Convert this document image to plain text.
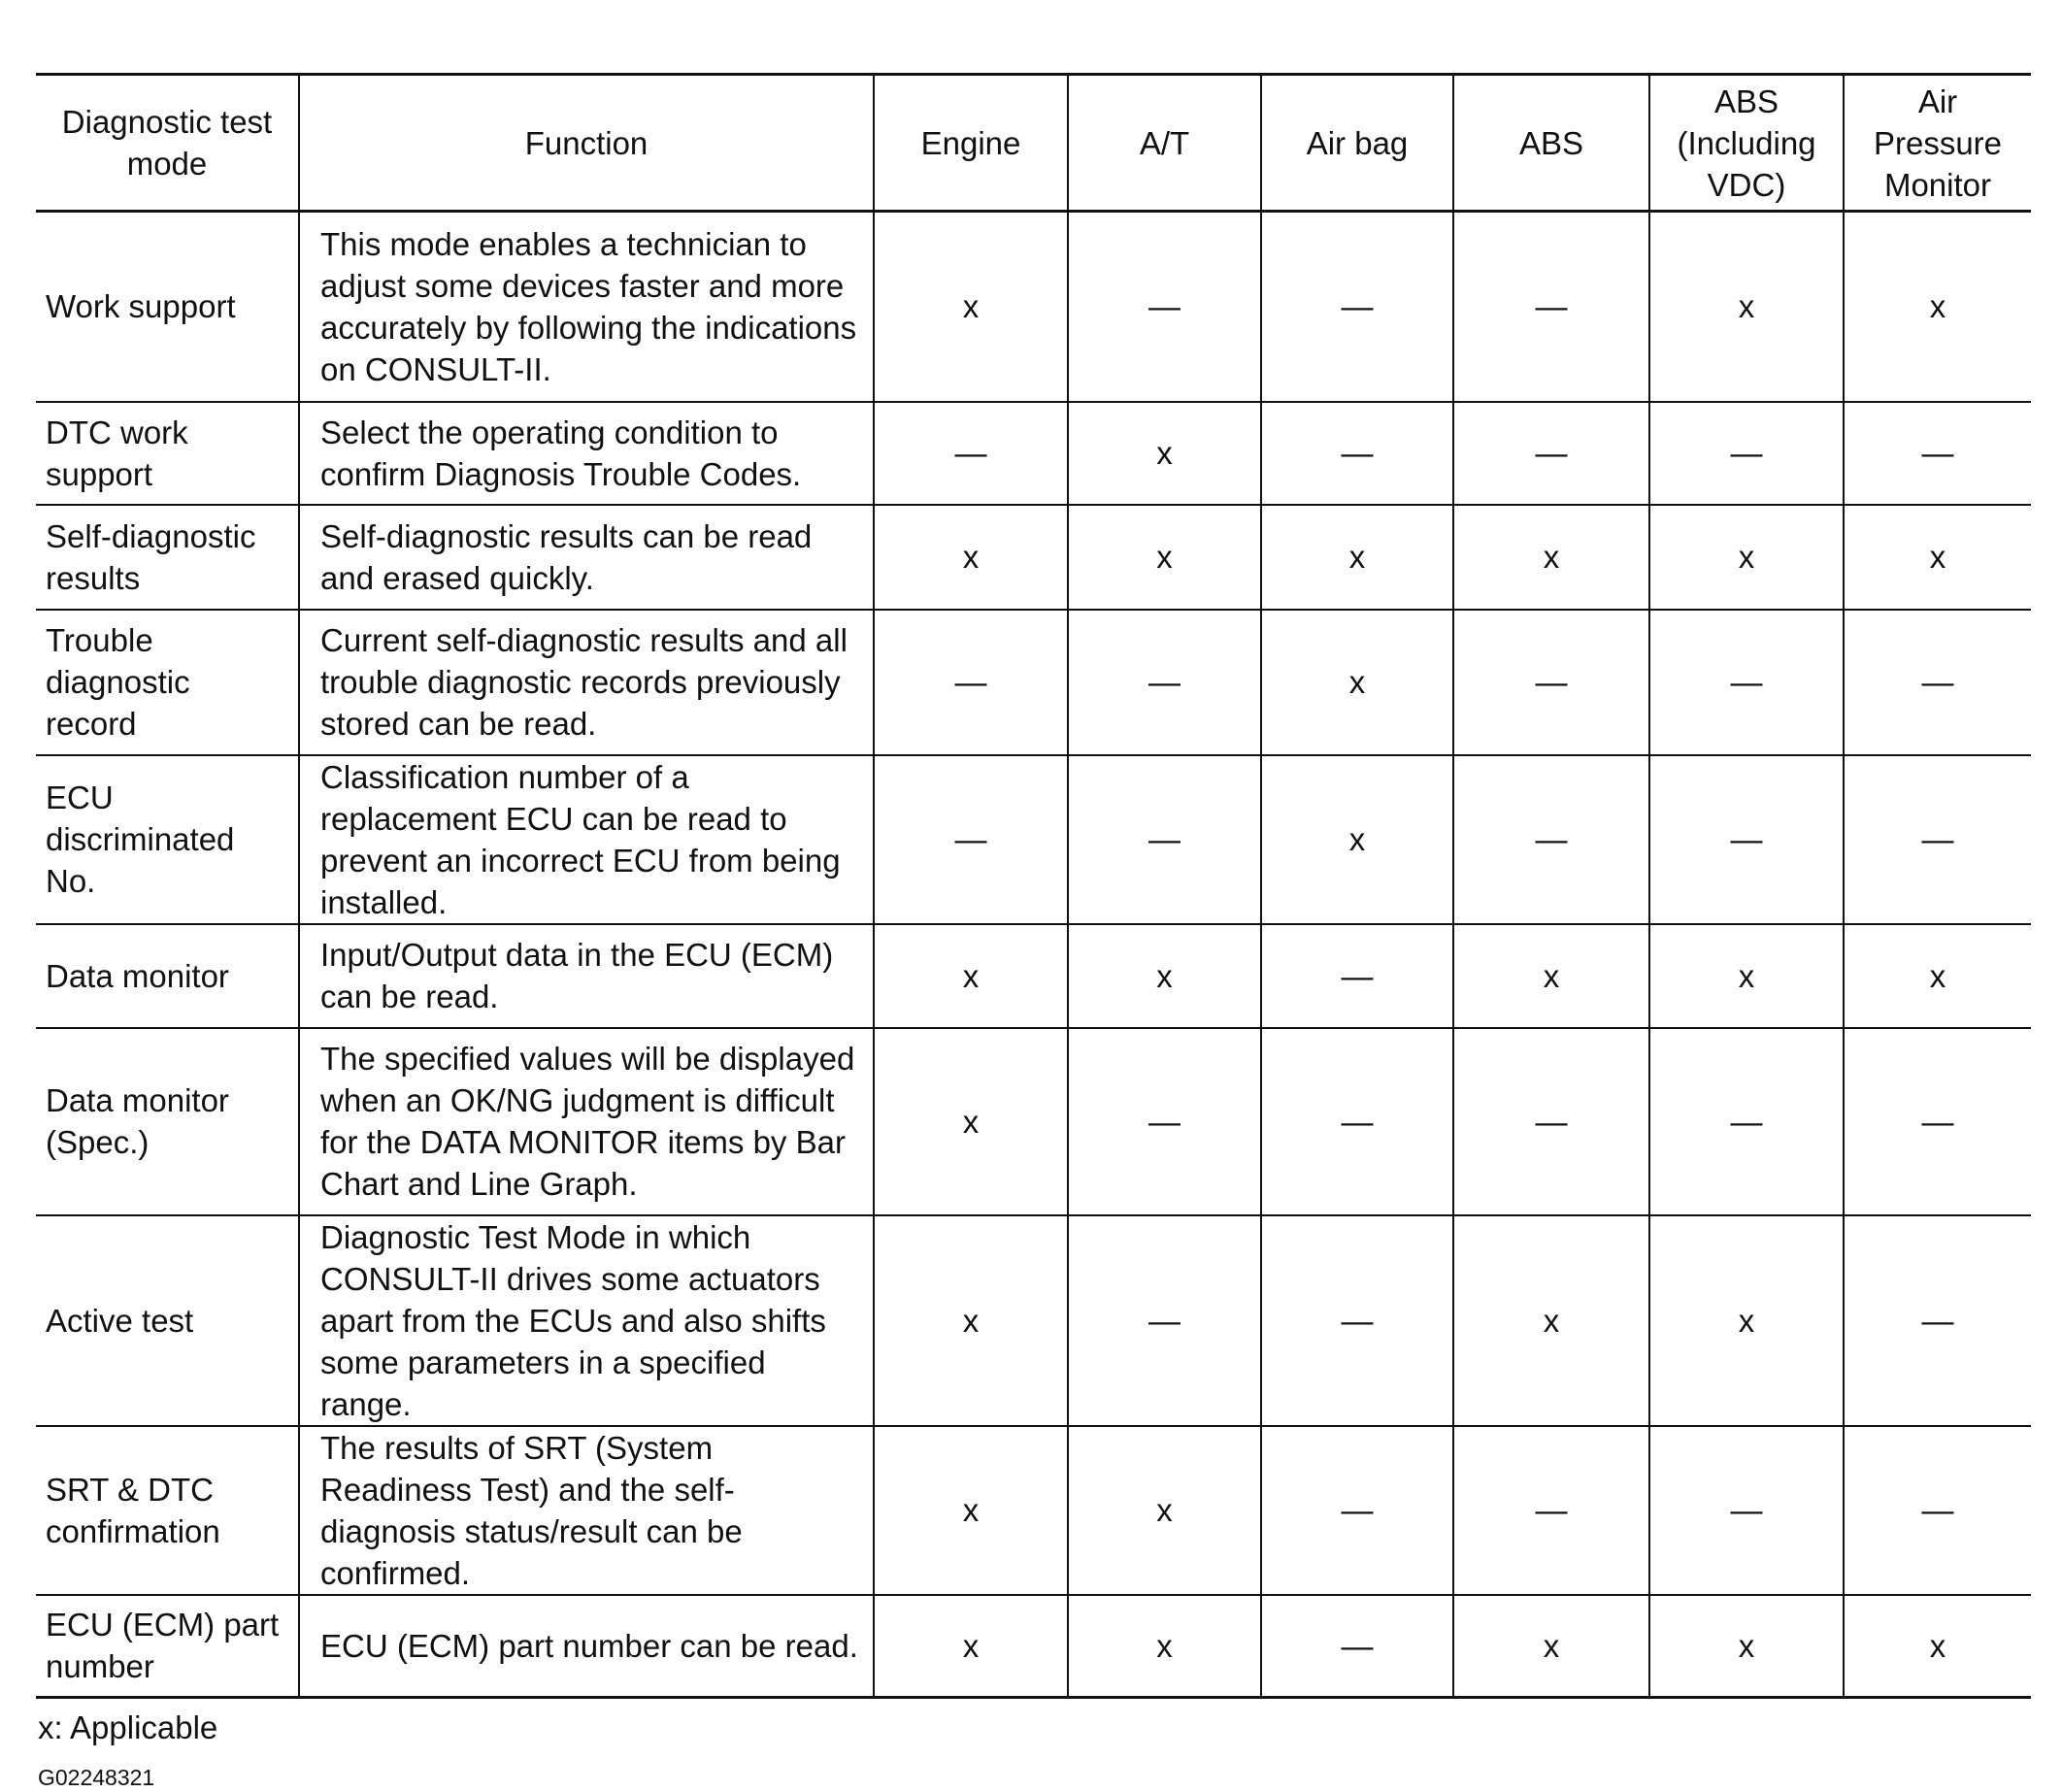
Diagnostic test mode	Function	Engine	A/T	Air bag	ABS	ABS (Including VDC)	Air Pressure Monitor
Work support	This mode enables a technician to adjust some devices faster and more accurately by following the indications on CONSULT-II.	x	—	—	—	x	x
DTC work support	Select the operating condition to confirm Diagnosis Trouble Codes.	—	x	—	—	—	—
Self-diagnostic results	Self-diagnostic results can be read and erased quickly.	x	x	x	x	x	x
Trouble diagnostic record	Current self-diagnostic results and all trouble diagnostic records previously stored can be read.	—	—	x	—	—	—
ECU discriminated No.	Classification number of a replacement ECU can be read to prevent an incorrect ECU from being installed.	—	—	x	—	—	—
Data monitor	Input/Output data in the ECU (ECM) can be read.	x	x	—	x	x	x
Data monitor (Spec.)	The specified values will be displayed when an OK/NG judgment is difficult for the DATA MONITOR items by Bar Chart and Line Graph.	x	—	—	—	—	—
Active test	Diagnostic Test Mode in which CONSULT-II drives some actuators apart from the ECUs and also shifts some parameters in a specified range.	x	—	—	x	x	—
SRT & DTC confirmation	The results of SRT (System Readiness Test) and the self-diagnosis status/result can be confirmed.	x	x	—	—	—	—
ECU (ECM) part number	ECU (ECM) part number can be read.	x	x	—	x	x	x
x: Applicable
G02248321
